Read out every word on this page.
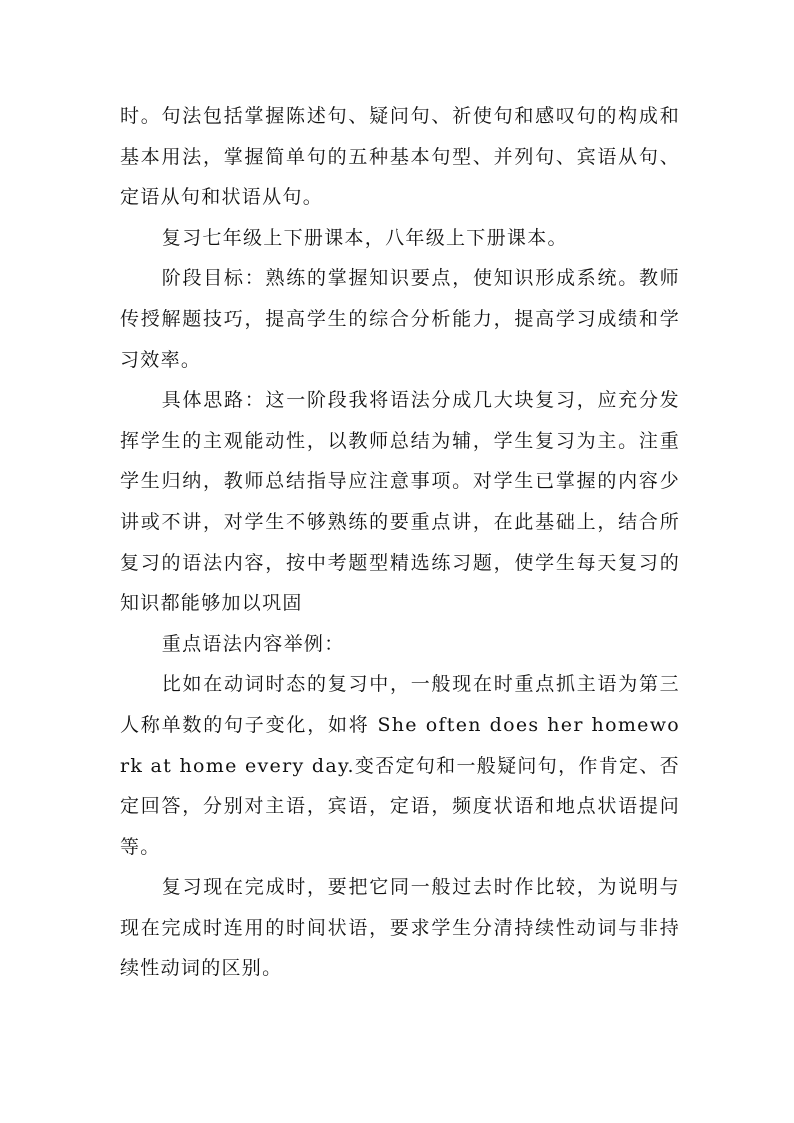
时。句法包括掌握陈述句、疑问句、祈使句和感叹句的构成和基本用法，掌握简单句的五种基本句型、并列句、宾语从句、定语从句和状语从句。

复习七年级上下册课本，八年级上下册课本。

阶段目标：熟练的掌握知识要点，使知识形成系统。教师传授解题技巧，提高学生的综合分析能力，提高学习成绩和学习效率。

具体思路：这一阶段我将语法分成几大块复习，应充分发挥学生的主观能动性，以教师总结为辅，学生复习为主。注重学生归纳，教师总结指导应注意事项。对学生已掌握的内容少讲或不讲，对学生不够熟练的要重点讲，在此基础上，结合所复习的语法内容，按中考题型精选练习题，使学生每天复习的知识都能够加以巩固

重点语法内容举例：

比如在动词时态的复习中，一般现在时重点抓主语为第三人称单数的句子变化，如将 She often does her homework at home every day.变否定句和一般疑问句，作肯定、否定回答，分别对主语，宾语，定语，频度状语和地点状语提问等。

复习现在完成时，要把它同一般过去时作比较，为说明与现在完成时连用的时间状语，要求学生分清持续性动词与非持续性动词的区别。
